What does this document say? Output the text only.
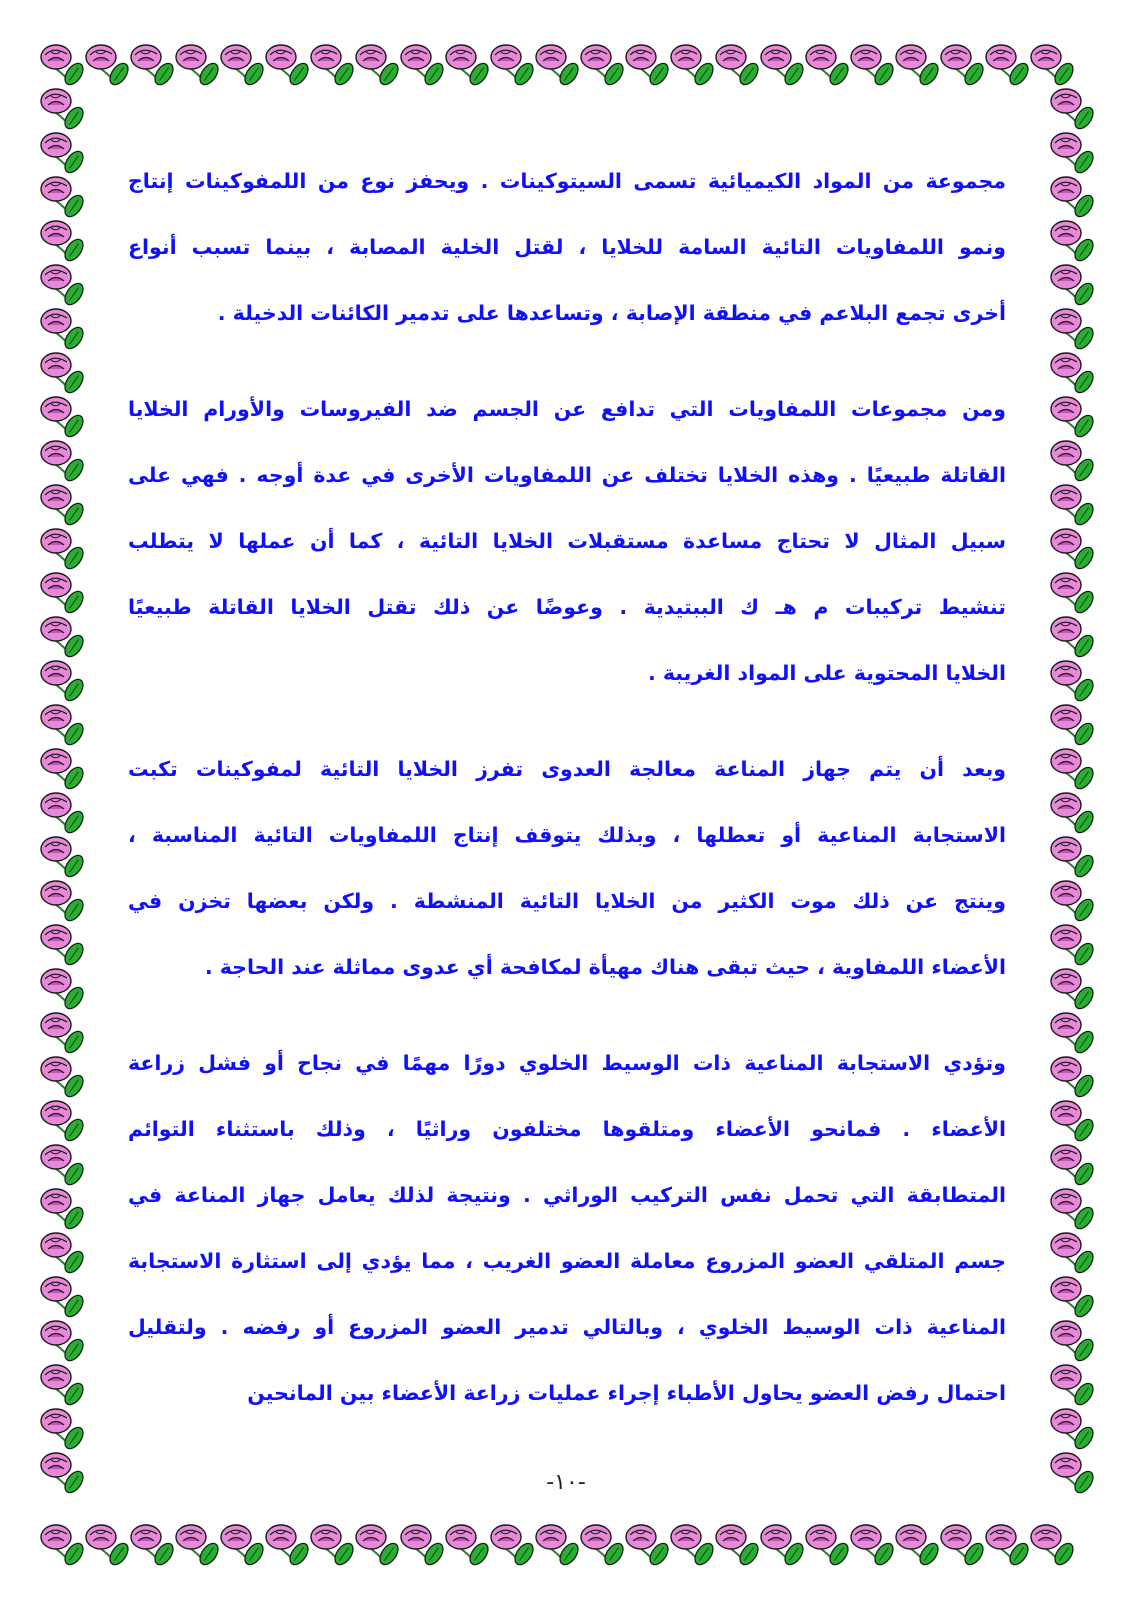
مجموعة من المواد الكيميائية تسمى السيتوكينات . ويحفز نوع من اللمفوكينات إنتاج
ونمو اللمفاويات التائية السامة للخلايا ، لقتل الخلية المصابة ، بينما تسبب أنواع
أخرى تجمع البلاعم في منطقة الإصابة ، وتساعدها على تدمير الكائنات الدخيلة .
ومن مجموعات اللمفاويات التي تدافع عن الجسم ضد الفيروسات والأورام الخلايا
القاتلة طبيعيًا . وهذه الخلايا تختلف عن اللمفاويات الأخرى في عدة أوجه . فهي على
سبيل المثال لا تحتاج مساعدة مستقبلات الخلايا التائية ، كما أن عملها لا يتطلب
تنشيط تركيبات م هـ ك الببتيدية . وعوضًا عن ذلك تقتل الخلايا القاتلة طبيعيًا
الخلايا المحتوية على المواد الغريبة .
وبعد أن يتم جهاز المناعة معالجة العدوى تفرز الخلايا التائية لمفوكينات تكبت
الاستجابة المناعية أو تعطلها ، وبذلك يتوقف إنتاج اللمفاويات التائية المناسبة ،
وينتج عن ذلك موت الكثير من الخلايا التائية المنشطة . ولكن بعضها تخزن في
الأعضاء اللمفاوية ، حيث تبقى هناك مهيأة لمكافحة أي عدوى مماثلة عند الحاجة .
وتؤدي الاستجابة المناعية ذات الوسيط الخلوي دورًا مهمًا في نجاح أو فشل زراعة
الأعضاء . فمانحو الأعضاء ومتلقوها مختلفون وراثيًا ، وذلك باستثناء التوائم
المتطابقة التي تحمل نفس التركيب الوراثي . ونتيجة لذلك يعامل جهاز المناعة في
جسم المتلقي العضو المزروع معاملة العضو الغريب ، مما يؤدي إلى استثارة الاستجابة
المناعية ذات الوسيط الخلوي ، وبالتالي تدمير العضو المزروع أو رفضه . ولتقليل
احتمال رفض العضو يحاول الأطباء إجراء عمليات زراعة الأعضاء بين المانحين
-١٠-
